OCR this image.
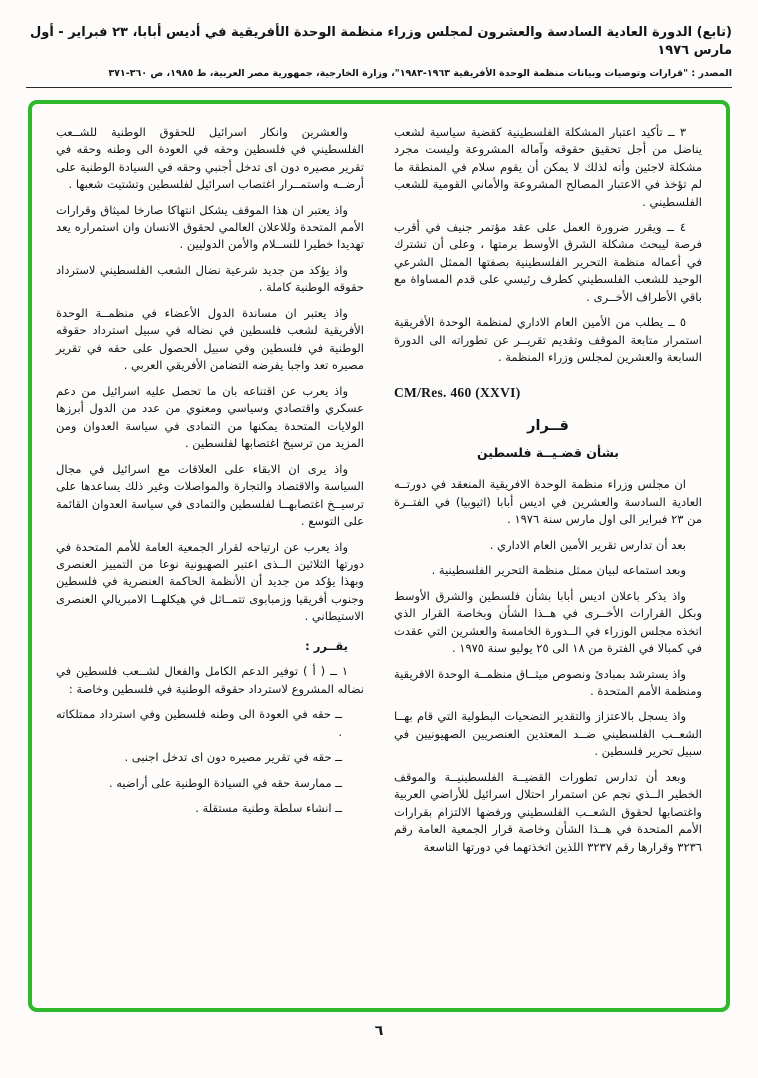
(تابع) الدورة العادية السادسة والعشرون لمجلس وزراء منظمة الوحدة الأفريقية في أديس أبابا، ٢٣ فبراير - أول مارس ١٩٧٦
المصدر : "قرارات وتوصيات وبيانات منظمة الوحدة الأفريقية ١٩٦٣-١٩٨٣"، وزارة الخارجية، جمهورية مصر العربية، ط ١٩٨٥، ص ٣٦٠-٣٧١

٣ ــ تأكيد اعتبار المشكلة الفلسطينية كقضية سياسية لشعب يناضل من أجل تحقيق حقوقه وآماله المشروعة وليست مجرد مشكلة لاجئين وأنه لذلك لا يمكن أن يقوم سلام في المنطقة ما لم تؤخذ في الاعتبار المصالح المشروعة والأماني القومية للشعب الفلسطيني .

٤ ــ ويقرر ضرورة العمل على عقد مؤتمر جنيف في أقرب فرصة ليبحث مشكلة الشرق الأوسط برمتها ، وعلى أن تشترك في أعماله منظمة التحرير الفلسطينية بصفتها الممثل الشرعي الوحيد للشعب الفلسطيني كطرف رئيسي على قدم المساواة مع باقي الأطراف الأخــرى .

٥ ــ يطلب من الأمين العام الاداري لمنظمة الوحدة الأفريقية استمرار متابعة الموقف وتقديم تقريــر عن تطوراته الى الدورة السابعة والعشرين لمجلس وزراء المنظمة .

CM/Res. 460 (XXVI)

قــرار

بشأن قضـيــة فلسطين

ان مجلس وزراء منظمة الوحدة الافريقية المنعقد في دورتــه العادية السادسة والعشرين في اديس أبابا (اثيوبيا) في الفتــرة من ٢٣ فبراير الى اول مارس سنة ١٩٧٦ .

بعد أن تدارس تقرير الأمين العام الاداري .

وبعد استماعه لبيان ممثل منظمة التحرير الفلسطينية .

واذ يذكر باعلان اديس أبابا بشأن فلسطين والشرق الأوسط وبكل القرارات الأخــرى في هــذا الشأن وبخاصة القرار الذي اتخذه مجلس الوزراء في الــدورة الخامسة والعشرين التي عقدت في كمبالا في الفترة من ١٨ الى ٢٥ يوليو سنة ١٩٧٥ .

واذ يسترشد بمبادئ ونصوص ميثــاق منظمــة الوحدة الافريقية ومنظمة الأمم المتحدة .

واذ يسجل بالاعتزاز والتقدير التضحيات البطولية التي قام بهــا الشعــب الفلسطيني ضــد المعتدين العنصريين الصهيونيين في سبيل تحرير فلسطين .

وبعد أن تدارس تطورات القضيــة الفلسطينيــة والموقف الخطير الــذي نجم عن استمرار احتلال اسرائيل للأراضي العربية واغتصابها لحقوق الشعــب الفلسطيني ورفضها الالتزام بقرارات الأمم المتحدة في هــذا الشأن وخاصة قرار الجمعية العامة رقم ٣٢٣٦ وقرارها رقم ٣٢٣٧ اللذين اتخذتهما في دورتها التاسعة

والعشرين وانكار اسرائيل للحقوق الوطنية للشــعب الفلسطيني في فلسطين وحقه في العودة الى وطنه وحقه في تقرير مصيره دون اى تدخل أجنبي وحقه في السيادة الوطنية على أرضــه واستمــرار اغتصاب اسرائيل لفلسطين وتشتيت شعبها .

واذ يعتبر ان هذا الموقف يشكل انتهاكا صارخا لميثاق وقرارات الأمم المتحدة وللاعلان العالمي لحقوق الانسان وان استمراره يعد تهديدا خطيرا للســلام والأمن الدوليين .

واذ يؤكد من جديد شرعية نضال الشعب الفلسطيني لاسترداد حقوقه الوطنية كاملة .

واذ يعتبر ان مساندة الدول الأعضاء في منظمــة الوحدة الأفريقية لشعب فلسطين في نضاله في سبيل استرداد حقوقه الوطنية في فلسطين وفي سبيل الحصول على حقه في تقرير مصيره تعد واجبا يفرضه التضامن الأفريقي العربي .

واذ يعرب عن اقتناعه بان ما تحصل عليه اسرائيل من دعم عسكري واقتصادي وسياسي ومعنوي من عدد من الدول أبرزها الولايات المتحدة يمكنها من التمادى في سياسة العدوان ومن المزيد من ترسيخ اغتصابها لفلسطين .

واذ يرى ان الابقاء على العلاقات مع اسرائيل في مجال السياسة والاقتصاد والتجارة والمواصلات وغير ذلك يساعدها على ترسيــخ اغتصابهــا لفلسطين والتمادى في سياسة العدوان القائمة على التوسع .

واذ يعرب عن ارتياحه لقرار الجمعية العامة للأمم المتحدة في دورتها الثلاثين الــذى اعتبر الصهيونية نوعا من التمييز العنصرى وبهذا يؤكد من جديد أن الأنظمة الحاكمة العنصرية في فلسطين وجنوب أفريقيا وزمبابوى تتمــاثل في هيكلهــا الامبريالي العنصرى الاستيطاني .

يقــرر :

١ ــ ( أ ) توفير الدعم الكامل والفعال لشــعب فلسطين في نضاله المشروع لاسترداد حقوقه الوطنية في فلسطين وخاصة :

ــ حقه في العودة الى وطنه فلسطين وفي استرداد ممتلكاته .

ــ حقه في تقرير مصيره دون اى تدخل اجنبى .

ــ ممارسة حقه في السيادة الوطنية على أراضيه .

ــ انشاء سلطة وطنية مستقلة .

٦
